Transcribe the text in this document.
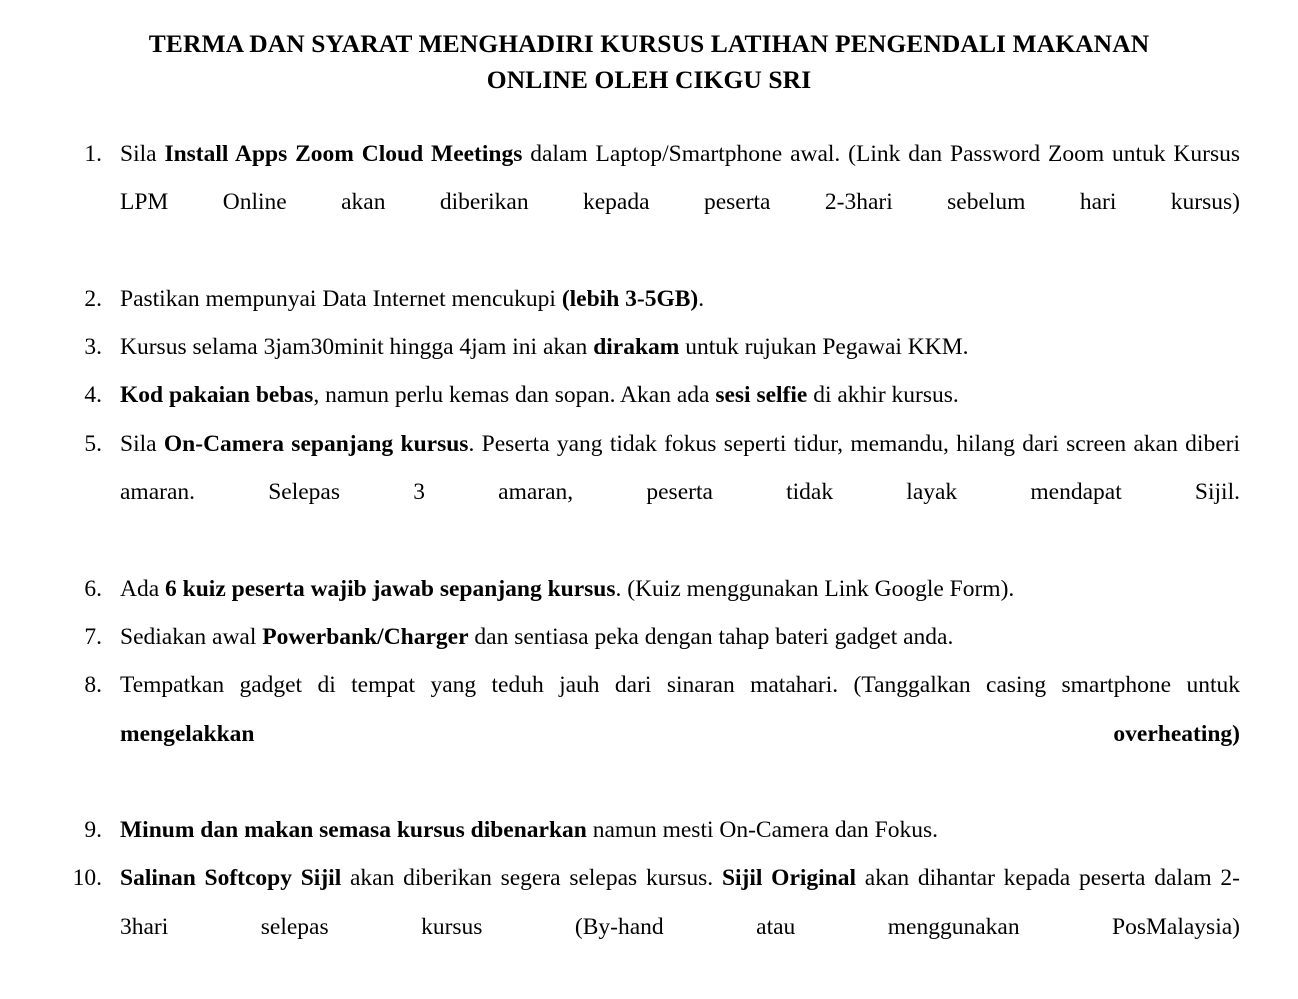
TERMA DAN SYARAT MENGHADIRI KURSUS LATIHAN PENGENDALI MAKANAN
ONLINE OLEH CIKGU SRI
1. Sila Install Apps Zoom Cloud Meetings dalam Laptop/Smartphone awal. (Link dan Password Zoom untuk Kursus LPM Online akan diberikan kepada peserta 2-3hari sebelum hari kursus)
2. Pastikan mempunyai Data Internet mencukupi (lebih 3-5GB).
3. Kursus selama 3jam30minit hingga 4jam ini akan dirakam untuk rujukan Pegawai KKM.
4. Kod pakaian bebas, namun perlu kemas dan sopan. Akan ada sesi selfie di akhir kursus.
5. Sila On-Camera sepanjang kursus. Peserta yang tidak fokus seperti tidur, memandu, hilang dari screen akan diberi amaran. Selepas 3 amaran, peserta tidak layak mendapat Sijil.
6. Ada 6 kuiz peserta wajib jawab sepanjang kursus. (Kuiz menggunakan Link Google Form).
7. Sediakan awal Powerbank/Charger dan sentiasa peka dengan tahap bateri gadget anda.
8. Tempatkan gadget di tempat yang teduh jauh dari sinaran matahari. (Tanggalkan casing smartphone untuk mengelakkan overheating)
9. Minum dan makan semasa kursus dibenarkan namun mesti On-Camera dan Fokus.
10. Salinan Softcopy Sijil akan diberikan segera selepas kursus. Sijil Original akan dihantar kepada peserta dalam 2-3hari selepas kursus (By-hand atau menggunakan PosMalaysia)
